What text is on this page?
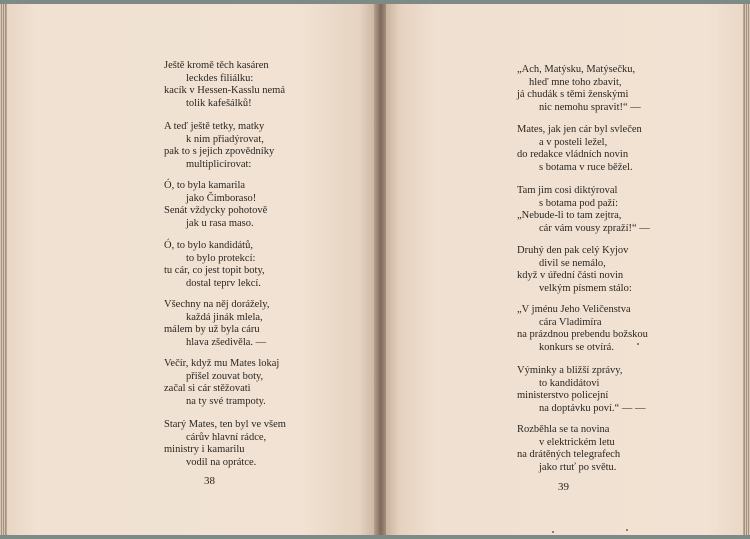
Ještě kromě těch kasáren
leckdes filiálku:
kacík v Hessen-Kasslu nemá
tolik kafešálků!
A teď ještě tetky, matky
k nim přiadýrovat,
pak to s jejich zpovědníky
multiplicírovat:
Ó, to byla kamarila
jako Čimboraso!
Senát vždycky pohotově
jak u rasa maso.
Ó, to bylo kandidátů,
to bylo protekcí:
tu cár, co jest topit boty,
dostal teprv lekcí.
Všechny na něj dorážely,
každá jinák mlela,
málem by už byla cáru
hlava zšedivěla. —
Večír, když mu Mates lokaj
přišel zouvat boty,
začal si cár stěžovati
na ty své trampoty.
Starý Mates, ten byl ve všem
cárův hlavní rádce,
ministry i kamarilu
vodil na oprátce.
38
„Ach, Matýsku, Matýsečku,
hleď mne toho zbavit,
já chudák s těmi ženskými
nic nemohu spravit!“ —
Mates, jak jen cár byl svlečen
a v posteli ležel,
do redakce vládních novin
s botama v ruce běžel.
Tam jim cosi diktýroval
s botama pod paží:
„Nebude-li to tam zejtra,
cár vám vousy zpraží!“ —
Druhý den pak celý Kyjov
divil se nemálo,
když v úřední části novin
velkým písmem stálo:
„V jménu Jeho Veličenstva
cára Vladimíra
na prázdnou prebendu božskou
konkurs se otvírá.
Výminky a bližší zprávy,
to kandidátovi
ministerstvo policejní
na doptávku poví.“ — —
Rozběhla se ta novina
v elektrickém letu
na drátěných telegrafech
jako rtuť po světu.
39
